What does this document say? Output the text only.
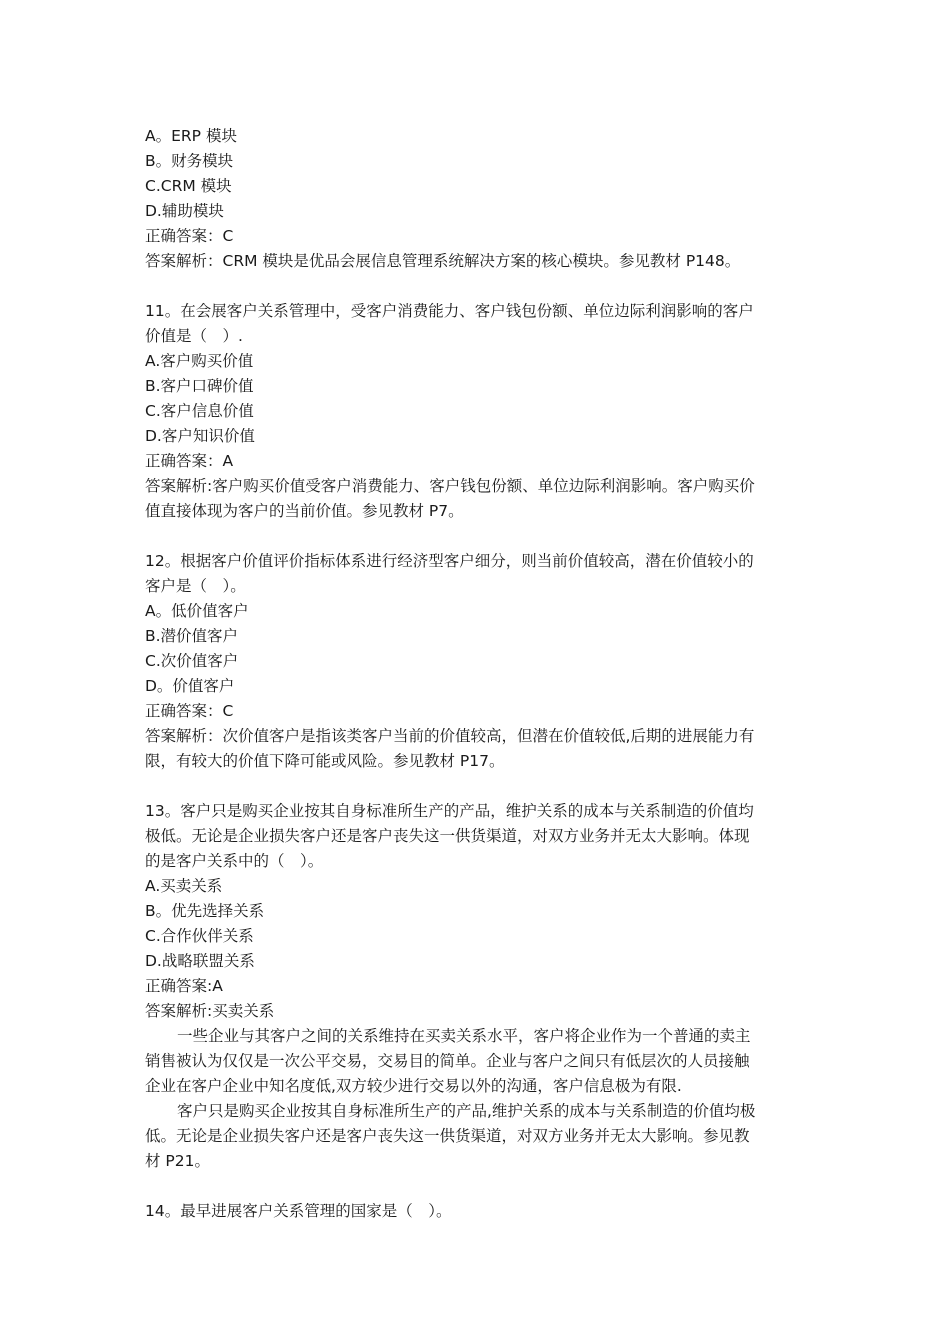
A。ERP 模块
B。财务模块
C.CRM 模块
D.辅助模块
正确答案：C
答案解析：CRM 模块是优品会展信息管理系统解决方案的核心模块。参见教材 P148。
11。在会展客户关系管理中，受客户消费能力、客户钱包份额、单位边际利润影响的客户
价值是（　）.
A.客户购买价值
B.客户口碑价值
C.客户信息价值
D.客户知识价值
正确答案：A
答案解析:客户购买价值受客户消费能力、客户钱包份额、单位边际利润影响。客户购买价
值直接体现为客户的当前价值。参见教材 P7。
12。根据客户价值评价指标体系进行经济型客户细分，则当前价值较高，潜在价值较小的
客户是（　）。
A。低价值客户
B.潜价值客户
C.次价值客户
D。价值客户
正确答案：C
答案解析：次价值客户是指该类客户当前的价值较高，但潜在价值较低,后期的进展能力有
限，有较大的价值下降可能或风险。参见教材 P17。
13。客户只是购买企业按其自身标准所生产的产品，维护关系的成本与关系制造的价值均
极低。无论是企业损失客户还是客户丧失这一供货渠道，对双方业务并无太大影响。体现
的是客户关系中的（　）。
A.买卖关系
B。优先选择关系
C.合作伙伴关系
D.战略联盟关系
正确答案:A
答案解析:买卖关系
一些企业与其客户之间的关系维持在买卖关系水平，客户将企业作为一个普通的卖主
销售被认为仅仅是一次公平交易，交易目的简单。企业与客户之间只有低层次的人员接触
企业在客户企业中知名度低,双方较少进行交易以外的沟通，客户信息极为有限.
客户只是购买企业按其自身标准所生产的产品,维护关系的成本与关系制造的价值均极
低。无论是企业损失客户还是客户丧失这一供货渠道，对双方业务并无太大影响。参见教
材 P21。
14。最早进展客户关系管理的国家是（　）。
